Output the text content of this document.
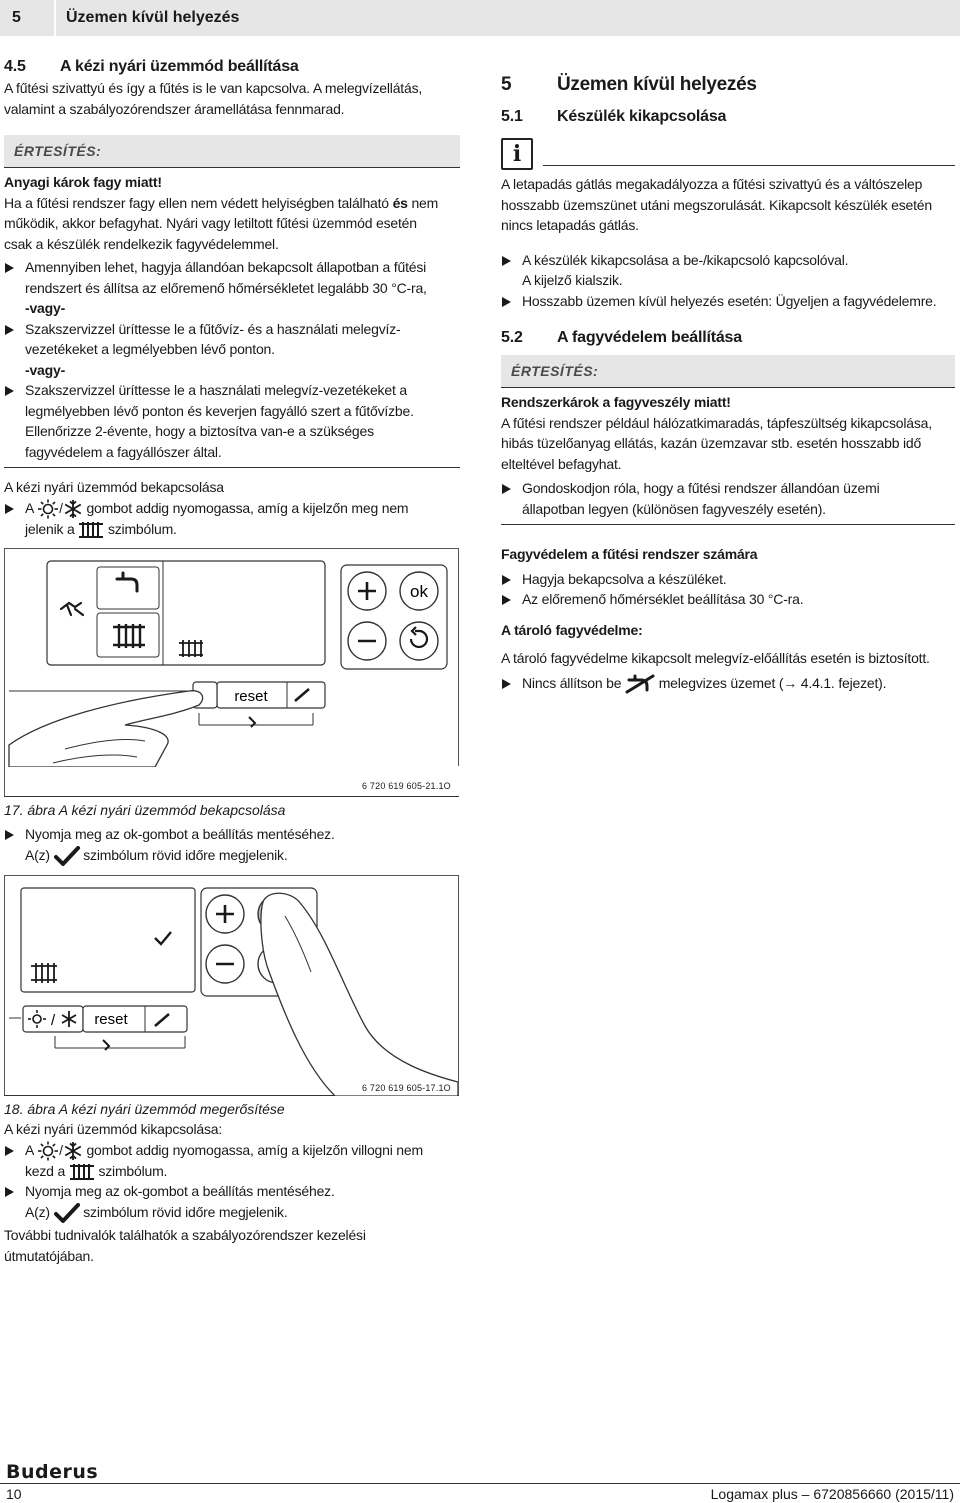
5	Üzemen kívül helyezés
4.5 A kézi nyári üzemmód beállítása

A fűtési szivattyú és így a fűtés is le van kapcsolva. A melegvízellátás,

valamint a szabályozórendszer áramellátása fennmarad.

ÉRTESÍTÉS:

Anyagi károk fagy miatt!

Ha a fűtési rendszer fagy ellen nem védett helyiségben található és nem

működik, akkor befagyhat. Nyári vagy letiltott fűtési üzemmód esetén

csak a készülék rendelkezik fagyvédelemmel.

Amennyiben lehet, hagyja állandóan bekapcsolt állapotban a fűtési
rendszert és állítsa az előremenő hőmérsékletet legalább 30 °C-ra,
-vagy-
Szakszervizzel üríttesse le a fűtővíz- és a használati melegvíz-
vezetékeket a legmélyebben lévő ponton.
-vagy-
Szakszervizzel üríttesse le a használati melegvíz-vezetékeket a
legmélyebben lévő ponton és keverjen fagyálló szert a fűtővízbe.
Ellenőrizze 2-évente, hogy a biztosítva van-e a szükséges
fagyvédelem a fagyállószer által.

A kézi nyári üzemmód bekapcsolása

A / gombot addig nyomogassa, amíg a kijelzőn meg nem
jelenik a  szimbólum.
ok
reset
6 720 619 605-21.1O
17. ábra A kézi nyári üzemmód bekapcsolása
Nyomja meg az ok-gombot a beállítás mentéséhez.
A(z)  szimbólum rövid időre megjelenik.
/	reset
6 720 619 605-17.1O
18. ábra A kézi nyári üzemmód megerősítése

A kézi nyári üzemmód kikapcsolása:

A / gombot addig nyomogassa, amíg a kijelzőn villogni nem
kezd a  szimbólum.
Nyomja meg az ok-gombot a beállítás mentéséhez.
A(z)  szimbólum rövid időre megjelenik.

További tudnivalók találhatók a szabályozórendszer kezelési

útmutatójában.

5 Üzemen kívül helyezés
5.1 Készülék kikapcsolása
i

A letapadás gátlás megakadályozza a fűtési szivattyú és a váltószelep

hosszabb üzemszünet utáni megszorulását. Kikapcsolt készülék esetén

nincs letapadás gátlás.

A készülék kikapcsolása a be-/kikapcsoló kapcsolóval.
A kijelző kialszik.
Hosszabb üzemen kívül helyezés esetén: Ügyeljen a fagyvédelemre.
5.2 A fagyvédelem beállítása
ÉRTESÍTÉS:

Rendszerkárok a fagyveszély miatt!

A fűtési rendszer például hálózatkimaradás, tápfeszültség kikapcsolása,

hibás tüzelőanyag ellátás, kazán üzemzavar stb. esetén hosszabb idő

elteltével befagyhat.

Gondoskodjon róla, hogy a fűtési rendszer állandóan üzemi
állapotban legyen (különösen fagyveszély esetén).

Fagyvédelem a fűtési rendszer számára

Hagyja bekapcsolva a készüléket.
Az előremenő hőmérséklet beállítása 30 °C-ra.

A tároló fagyvédelme:

A tároló fagyvédelme kikapcsolt melegvíz-előállítás esetén is biztosított.

Nincs állítson be  melegvizes üzemet (→ 4.4.1. fejezet).
Buderus
10	Logamax plus – 6720856660 (2015/11)
